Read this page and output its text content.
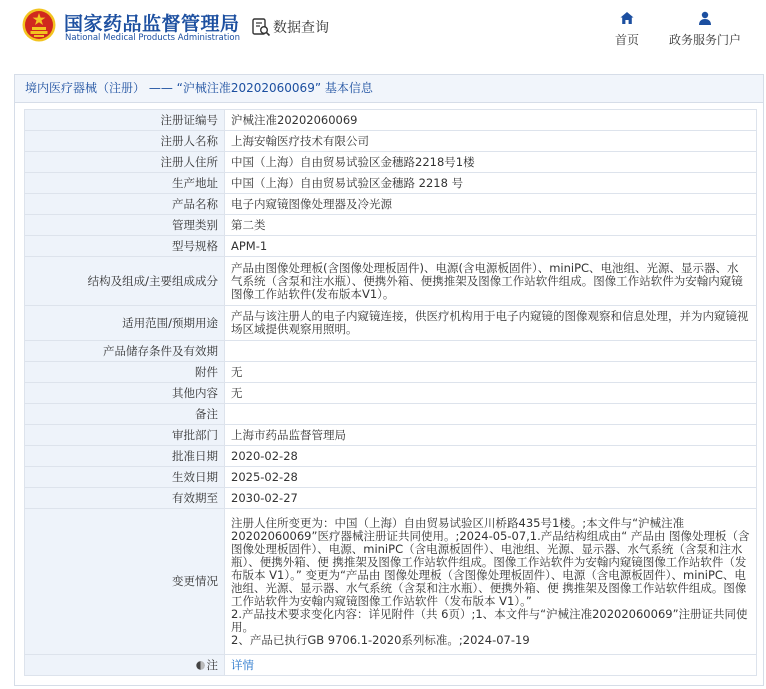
国家药品监督管理局
National Medical Products Administration
数据查询
首页	政务服务门户
境内医疗器械（注册） —— “沪械注准20202060069” 基本信息
注册证编号	沪械注准20202060069
注册人名称	上海安翰医疗技术有限公司
注册人住所	中国（上海）自由贸易试验区金穗路2218号1楼
生产地址	中国（上海）自由贸易试验区金穗路 2218 号
产品名称	电子内窥镜图像处理器及冷光源
管理类别	第二类
型号规格	APM-1
结构及组成/主要组成成分	产品由图像处理板(含图像处理板固件)、电源(含电源板固件）、miniPC、电池组、光源、显示器、水气系统（含泵和注水瓶）、便携外箱、便携推架及图像工作站软件组成。图像工作站软件为安翰内窥镜图像工作站软件(发布版本V1）。
适用范围/预期用途	产品与该注册人的电子内窥镜连接，供医疗机构用于电子内窥镜的图像观察和信息处理，并为内窥镜视场区域提供观察用照明。
产品储存条件及有效期	
附件	无
其他内容	无
备注	
审批部门	上海市药品监督管理局
批准日期	2020-02-28
生效日期	2025-02-28
有效期至	2030-02-27
变更情况	注册人住所变更为：中国（上海）自由贸易试验区川桥路435号1楼。;本文件与“沪械注准20202060069”医疗器械注册证共同使用。;2024-05-07,1.产品结构组成由“ 产品由 图像处理板（含图像处理板固件）、电源、miniPC（含电源板固件）、电池组、光源、显示器、水气系统（含泵和注水瓶）、便携外箱、便 携推架及图像工作站软件组成。图像工作站软件为安翰内窥镜图像工作站软件（发布版本 V1）。” 变更为“产品由 图像处理板（含图像处理板固件）、电源（含电源板固件）、miniPC、电池组、光源、显示器、水气系统（含泵和注水瓶）、便携外箱、便 携推架及图像工作站软件组成。图像工作站软件为安翰内窥镜图像工作站软件（发布版本 V1）。”
2.产品技术要求变化内容：详见附件（共 6页）;1、本文件与“沪械注准20202060069”注册证共同使用。
2、产品已执行GB 9706.1-2020系列标准。;2024-07-19

注	详情
